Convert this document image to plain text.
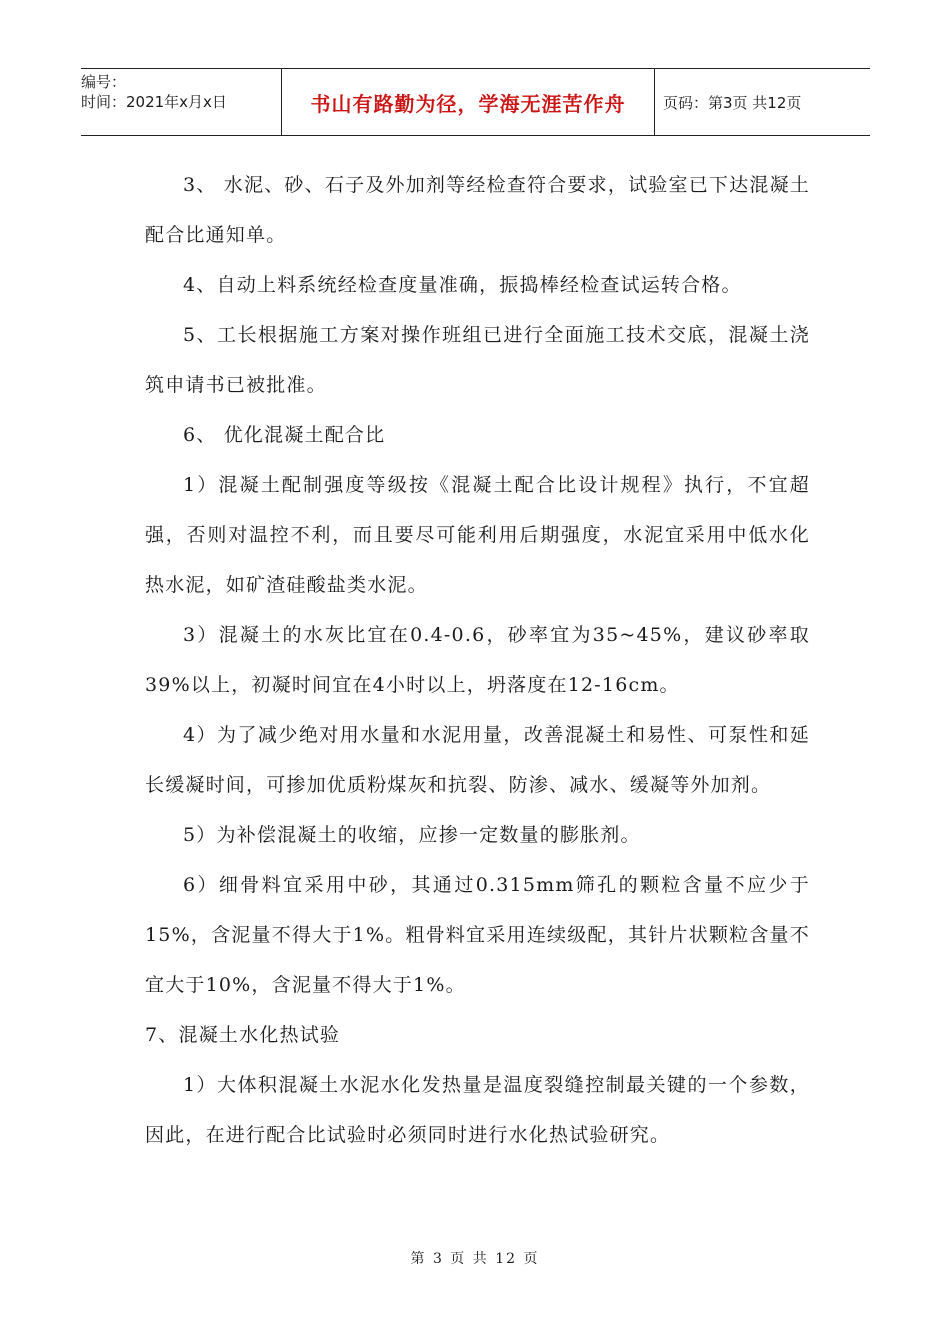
编号：
时间：2021年x月x日	书山有路勤为径，学海无涯苦作舟	页码：第3页 共12页

3、 水泥、砂、石子及外加剂等经检查符合要求，试验室已下达混凝土配合比通知单。

4、自动上料系统经检查度量准确，振捣棒经检查试运转合格。

5、工长根据施工方案对操作班组已进行全面施工技术交底，混凝土浇筑申请书已被批准。

6、 优化混凝土配合比

1）混凝土配制强度等级按《混凝土配合比设计规程》执行，不宜超强，否则对温控不利，而且要尽可能利用后期强度，水泥宜采用中低水化热水泥，如矿渣硅酸盐类水泥。

3）混凝土的水灰比宜在0.4-0.6，砂率宜为35~45%，建议砂率取39%以上，初凝时间宜在4小时以上，坍落度在12-16cm。

4）为了减少绝对用水量和水泥用量，改善混凝土和易性、可泵性和延长缓凝时间，可掺加优质粉煤灰和抗裂、防渗、减水、缓凝等外加剂。

5）为补偿混凝土的收缩，应掺一定数量的膨胀剂。

6）细骨料宜采用中砂，其通过0.315mm筛孔的颗粒含量不应少于15%，含泥量不得大于1%。粗骨料宜采用连续级配，其针片状颗粒含量不宜大于10%，含泥量不得大于1%。

7、混凝土水化热试验

1）大体积混凝土水泥水化发热量是温度裂缝控制最关键的一个参数，因此，在进行配合比试验时必须同时进行水化热试验研究。

第 3 页 共 12 页
